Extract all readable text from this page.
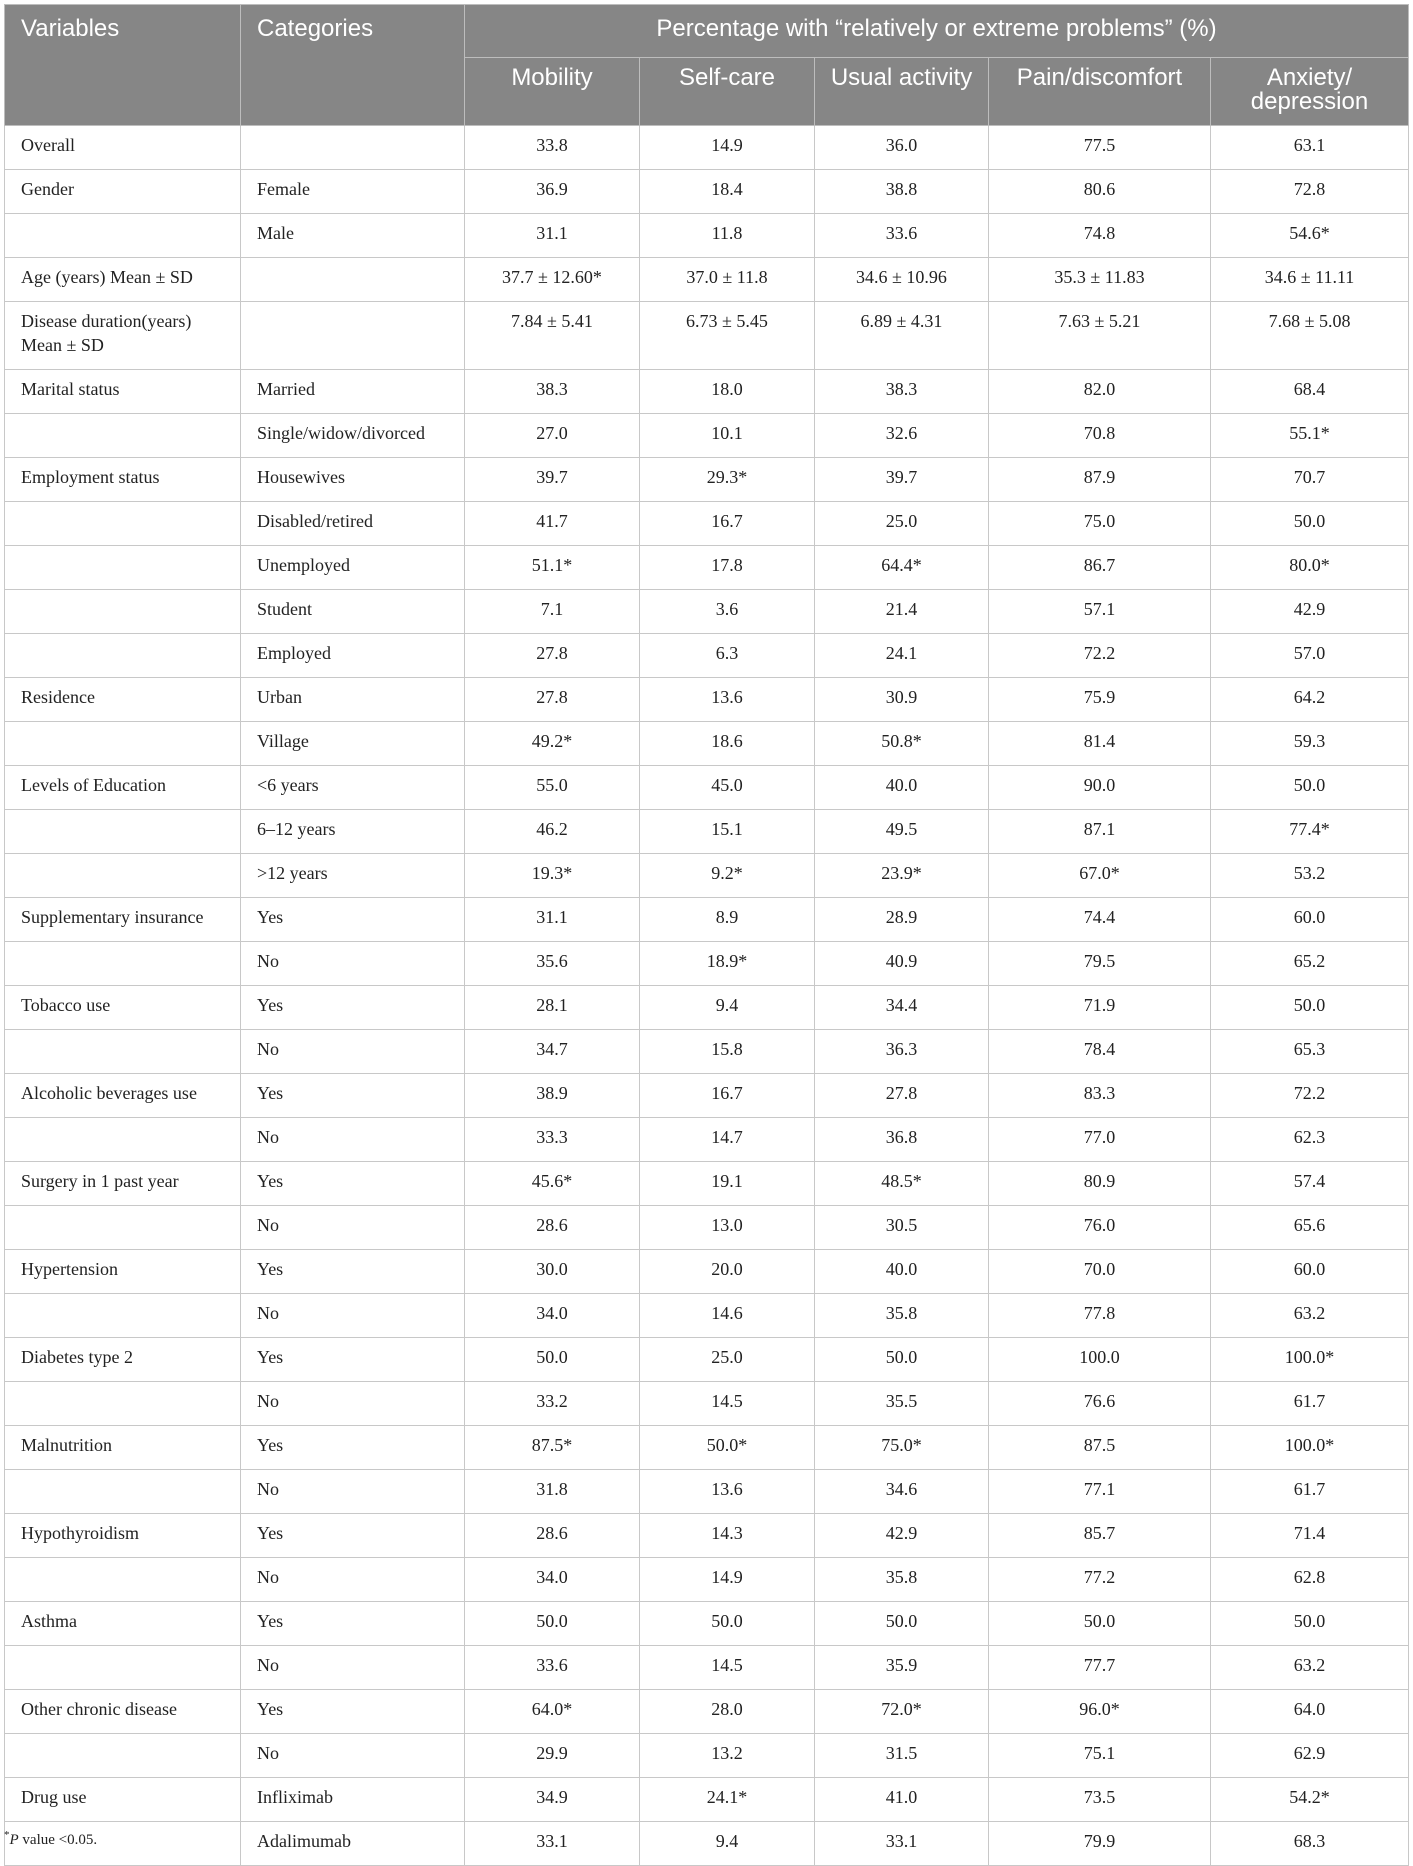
Variables	Categories	Percentage with “relatively or extreme problems” (%)				
		Mobility	Self-care	Usual activity	Pain/discomfort	Anxiety/ depression
Overall		33.8	14.9	36.0	77.5	63.1
Gender	Female	36.9	18.4	38.8	80.6	72.8
	Male	31.1	11.8	33.6	74.8	54.6*
Age (years) Mean ± SD		37.7 ± 12.60*	37.0 ± 11.8	34.6 ± 10.96	35.3 ± 11.83	34.6 ± 11.11
Disease duration(years) Mean ± SD		7.84 ± 5.41	6.73 ± 5.45	6.89 ± 4.31	7.63 ± 5.21	7.68 ± 5.08
Marital status	Married	38.3	18.0	38.3	82.0	68.4
	Single/widow/divorced	27.0	10.1	32.6	70.8	55.1*
Employment status	Housewives	39.7	29.3*	39.7	87.9	70.7
	Disabled/retired	41.7	16.7	25.0	75.0	50.0
	Unemployed	51.1*	17.8	64.4*	86.7	80.0*
	Student	7.1	3.6	21.4	57.1	42.9
	Employed	27.8	6.3	24.1	72.2	57.0
Residence	Urban	27.8	13.6	30.9	75.9	64.2
	Village	49.2*	18.6	50.8*	81.4	59.3
Levels of Education	<6 years	55.0	45.0	40.0	90.0	50.0
	6–12 years	46.2	15.1	49.5	87.1	77.4*
	>12 years	19.3*	9.2*	23.9*	67.0*	53.2
Supplementary insurance	Yes	31.1	8.9	28.9	74.4	60.0
	No	35.6	18.9*	40.9	79.5	65.2
Tobacco use	Yes	28.1	9.4	34.4	71.9	50.0
	No	34.7	15.8	36.3	78.4	65.3
Alcoholic beverages use	Yes	38.9	16.7	27.8	83.3	72.2
	No	33.3	14.7	36.8	77.0	62.3
Surgery in 1 past year	Yes	45.6*	19.1	48.5*	80.9	57.4
	No	28.6	13.0	30.5	76.0	65.6
Hypertension	Yes	30.0	20.0	40.0	70.0	60.0
	No	34.0	14.6	35.8	77.8	63.2
Diabetes type 2	Yes	50.0	25.0	50.0	100.0	100.0*
	No	33.2	14.5	35.5	76.6	61.7
Malnutrition	Yes	87.5*	50.0*	75.0*	87.5	100.0*
	No	31.8	13.6	34.6	77.1	61.7
Hypothyroidism	Yes	28.6	14.3	42.9	85.7	71.4
	No	34.0	14.9	35.8	77.2	62.8
Asthma	Yes	50.0	50.0	50.0	50.0	50.0
	No	33.6	14.5	35.9	77.7	63.2
Other chronic disease	Yes	64.0*	28.0	72.0*	96.0*	64.0
	No	29.9	13.2	31.5	75.1	62.9
Drug use	Infliximab	34.9	24.1*	41.0	73.5	54.2*
	Adalimumab	33.1	9.4	33.1	79.9	68.3
*P value <0.05.
